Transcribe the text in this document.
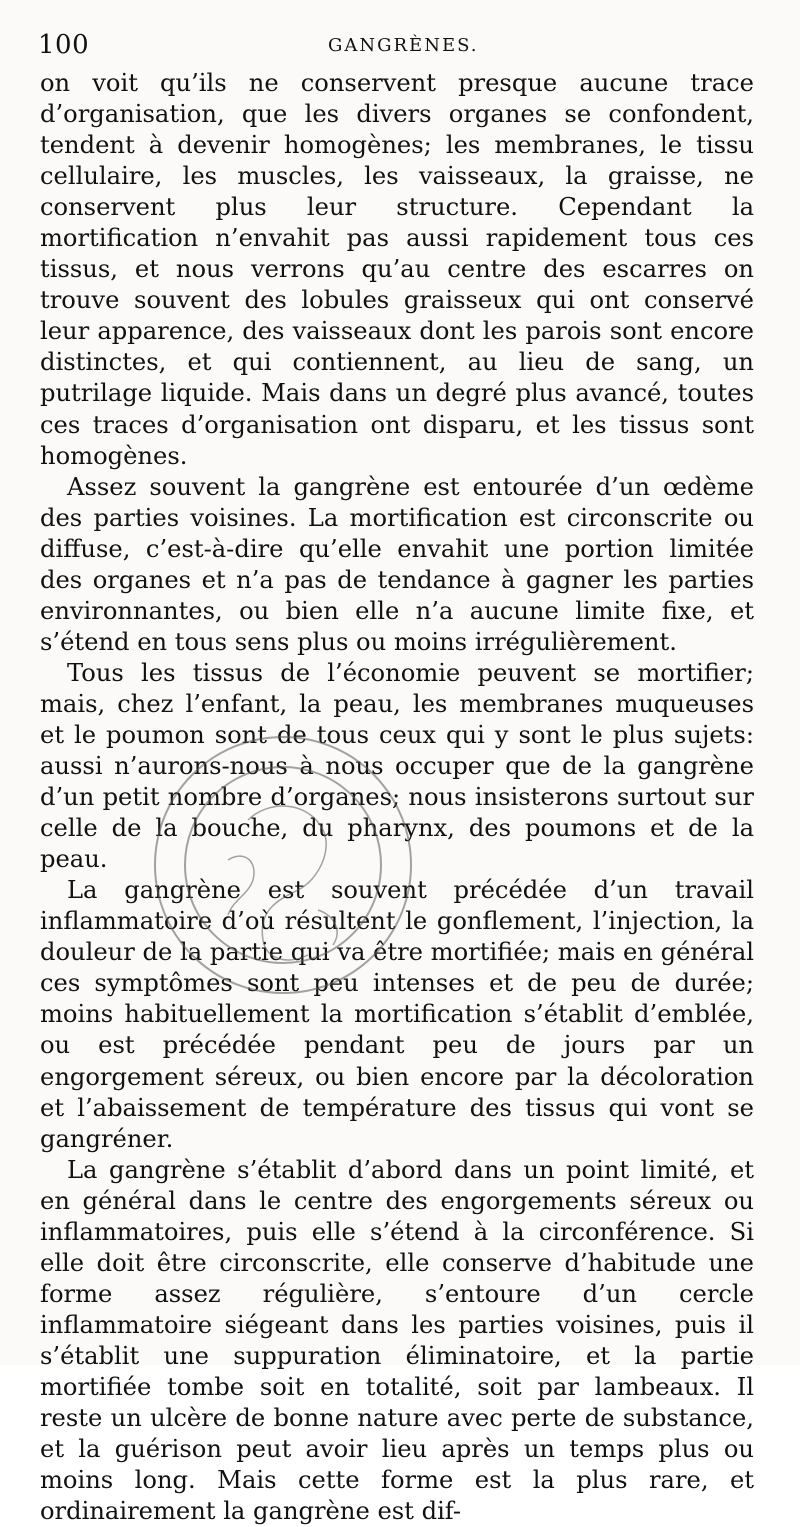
100	GANGRÈNES.

on voit qu’ils ne conservent presque aucune trace d’organisation, que les divers organes se confondent, tendent à devenir homogènes; les membranes, le tissu cellulaire, les muscles, les vaisseaux, la graisse, ne conservent plus leur structure. Cependant la mortification n’envahit pas aussi rapidement tous ces tissus, et nous verrons qu’au centre des escarres on trouve souvent des lobules graisseux qui ont conservé leur apparence, des vaisseaux dont les parois sont encore distinctes, et qui contiennent, au lieu de sang, un putrilage liquide. Mais dans un degré plus avancé, toutes ces traces d’organisation ont disparu, et les tissus sont homogènes.

Assez souvent la gangrène est entourée d’un œdème des parties voisines. La mortification est circonscrite ou diffuse, c’est-à-dire qu’elle envahit une portion limitée des organes et n’a pas de tendance à gagner les parties environnantes, ou bien elle n’a aucune limite fixe, et s’étend en tous sens plus ou moins irrégulièrement.

Tous les tissus de l’économie peuvent se mortifier; mais, chez l’enfant, la peau, les membranes muqueuses et le poumon sont de tous ceux qui y sont le plus sujets: aussi n’aurons-nous à nous occuper que de la gangrène d’un petit nombre d’organes; nous insisterons surtout sur celle de la bouche, du pharynx, des poumons et de la peau.

La gangrène est souvent précédée d’un travail inflammatoire d’où résultent le gonflement, l’injection, la douleur de la partie qui va être mortifiée; mais en général ces symptômes sont peu intenses et de peu de durée; moins habituellement la mortification s’établit d’emblée, ou est précédée pendant peu de jours par un engorgement séreux, ou bien encore par la décoloration et l’abaissement de température des tissus qui vont se gangréner.

La gangrène s’établit d’abord dans un point limité, et en général dans le centre des engorgements séreux ou inflammatoires, puis elle s’étend à la circonférence. Si elle doit être circonscrite, elle conserve d’habitude une forme assez régulière, s’entoure d’un cercle inflammatoire siégeant dans les parties voisines, puis il s’établit une suppuration éliminatoire, et la partie mortifiée tombe soit en totalité, soit par lambeaux. Il reste un ulcère de bonne nature avec perte de substance, et la guérison peut avoir lieu après un temps plus ou moins long. Mais cette forme est la plus rare, et ordinairement la gangrène est dif-
